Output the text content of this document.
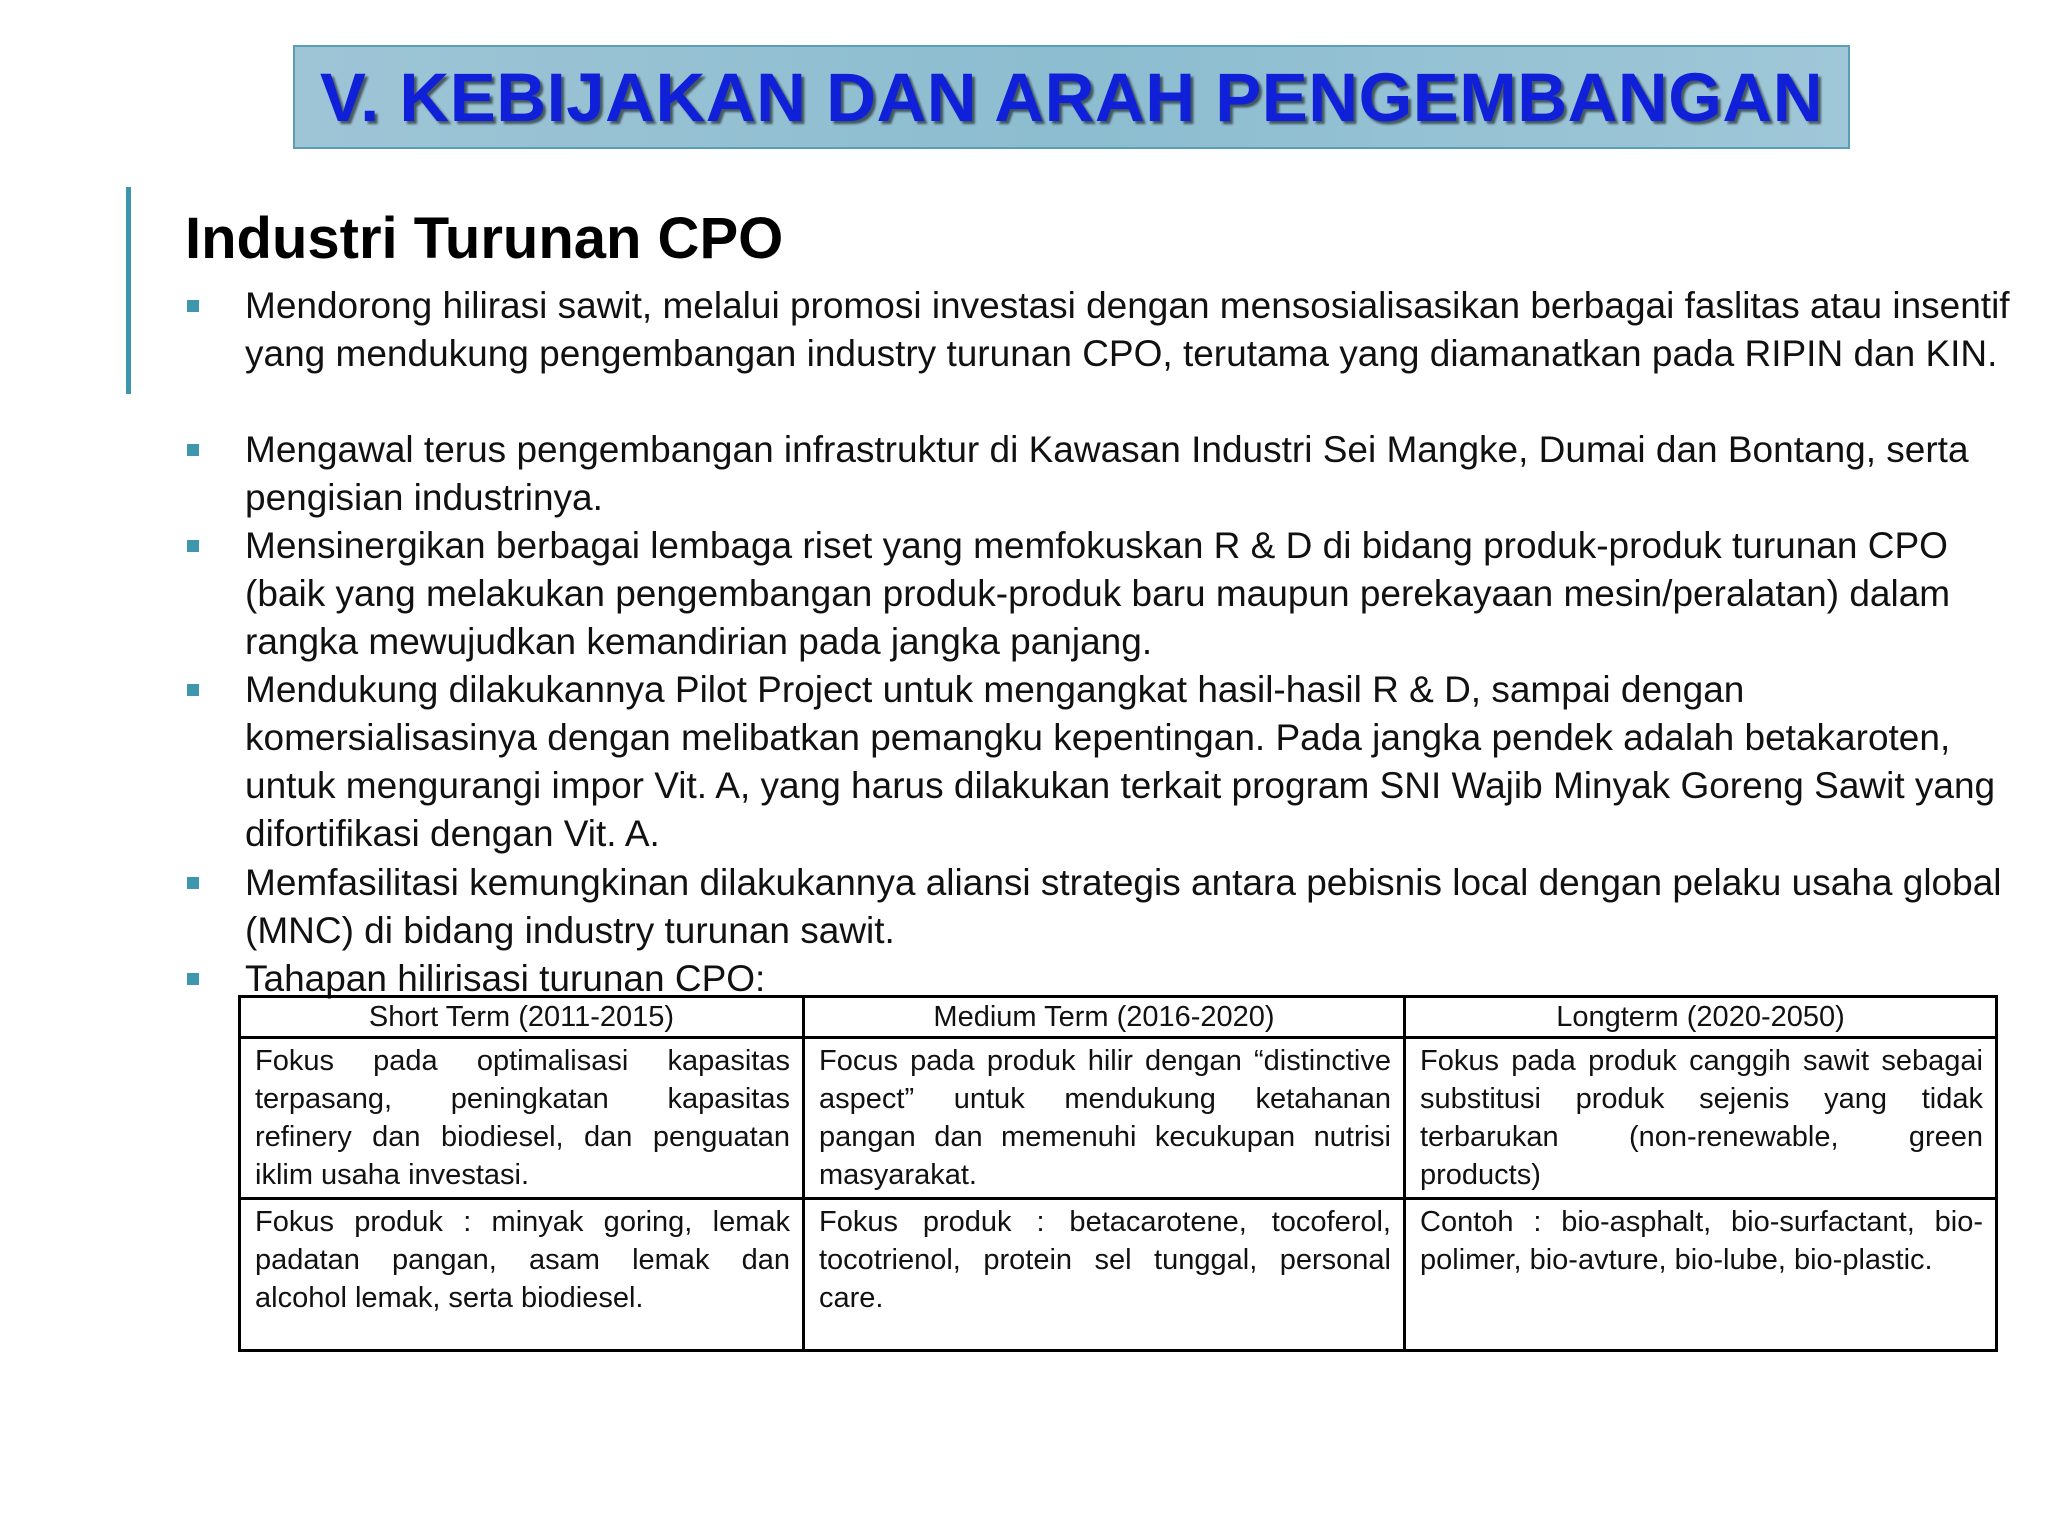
V. KEBIJAKAN DAN ARAH PENGEMBANGAN
Industri Turunan CPO
Mendorong hilirasi sawit, melalui promosi investasi dengan mensosialisasikan berbagai faslitas atau insentif yang mendukung pengembangan industry turunan CPO, terutama yang diamanatkan pada RIPIN dan KIN.
Mengawal terus pengembangan infrastruktur di Kawasan Industri Sei Mangke, Dumai dan Bontang, serta pengisian industrinya.
Mensinergikan berbagai lembaga riset yang memfokuskan R & D di bidang produk-produk turunan CPO (baik yang melakukan pengembangan produk-produk baru maupun perekayaan mesin/peralatan) dalam rangka mewujudkan kemandirian pada jangka panjang.
Mendukung dilakukannya Pilot Project untuk mengangkat hasil-hasil R & D, sampai dengan komersialisasinya dengan melibatkan pemangku kepentingan. Pada jangka pendek adalah betakaroten, untuk mengurangi impor Vit. A, yang harus dilakukan terkait program SNI Wajib Minyak Goreng Sawit yang difortifikasi dengan Vit. A.
Memfasilitasi kemungkinan dilakukannya aliansi strategis antara pebisnis local dengan pelaku usaha global (MNC) di bidang industry turunan sawit.
Tahapan hilirisasi turunan CPO:
Short Term (2011-2015)	Medium Term (2016-2020)	Longterm (2020-2050)
Fokus pada optimalisasi kapasitas terpasang, peningkatan kapasitas refinery dan biodiesel, dan penguatan iklim usaha investasi.	Focus pada produk hilir dengan “distinctive aspect” untuk mendukung ketahanan pangan dan memenuhi kecukupan nutrisi masyarakat.	Fokus pada produk canggih sawit sebagai substitusi produk sejenis yang tidak terbarukan (non-renewable, green products)
Fokus produk : minyak goring, lemak padatan pangan, asam lemak dan alcohol lemak, serta biodiesel.	Fokus produk : betacarotene, tocoferol, tocotrienol, protein sel tunggal, personal care.	Contoh : bio-asphalt, bio-surfactant, bio-polimer, bio-avture, bio-lube, bio-plastic.
